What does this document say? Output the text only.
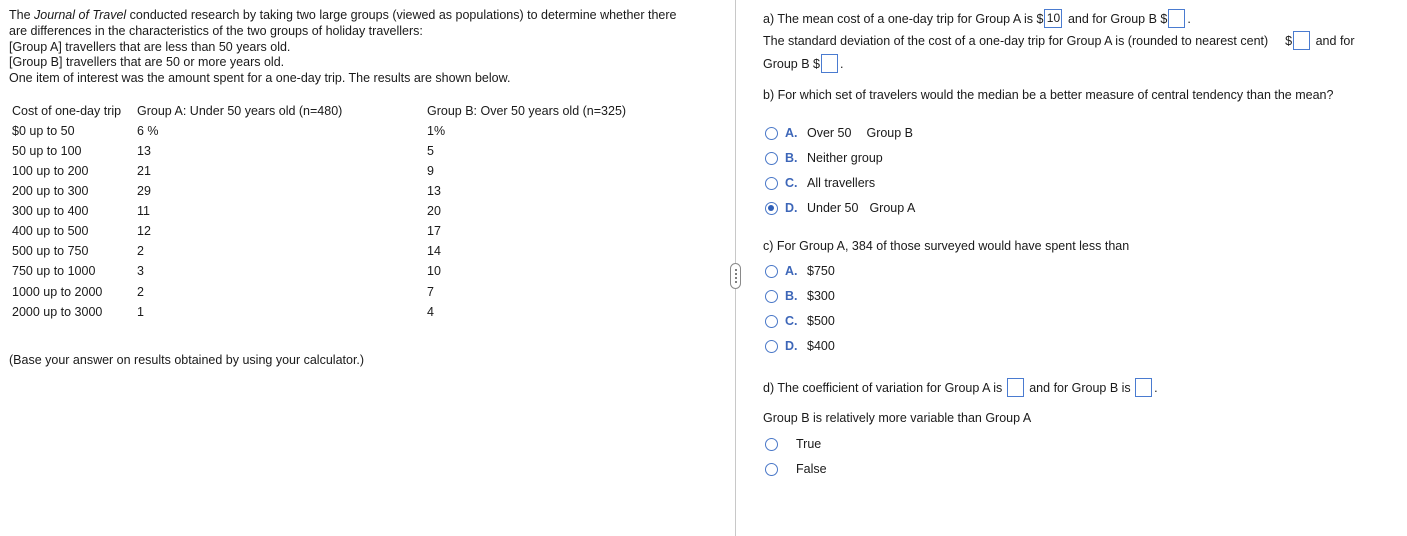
The Journal of Travel conducted research by taking two large groups (viewed as populations) to determine whether there
are differences in the characteristics of the two groups of holiday travellers:
[Group A] travellers that are less than 50 years old.
[Group B] travellers that are 50 or more years old.
One item of interest was the amount spent for a one-day trip. The results are shown below.
Cost of one-day trip Group A: Under 50 years old (n=480)	Group B: Over 50 years old (n=325)
$0 up to 50	6 %	1%
50 up to 100	13	5
100 up to 200	21	9
200 up to 300	29	13
300 up to 400	11	20
400 up to 500	12	17
500 up to 750	2	14
750 up to 1000	3	10
1000 up to 2000	2	7
2000 up to 3000	1	4
(Base your answer on results obtained by using your calculator.)
a) The mean cost of a one-day trip for Group A is $ 10 and for Group B $ .
The standard deviation of the cost of a one-day trip for Group A is (rounded to nearest cent) $ and for
Group B $ .
b) For which set of travelers would the median be a better measure of central tendency than the mean?
A. Over 50 Group B
B. Neither group
C. All travellers
D. Under 50 Group A
c) For Group A, 384 of those surveyed would have spent less than
A. $750
B. $300
C. $500
D. $400
d) The coefficient of variation for Group A is and for Group B is .
Group B is relatively more variable than Group A
True
False
